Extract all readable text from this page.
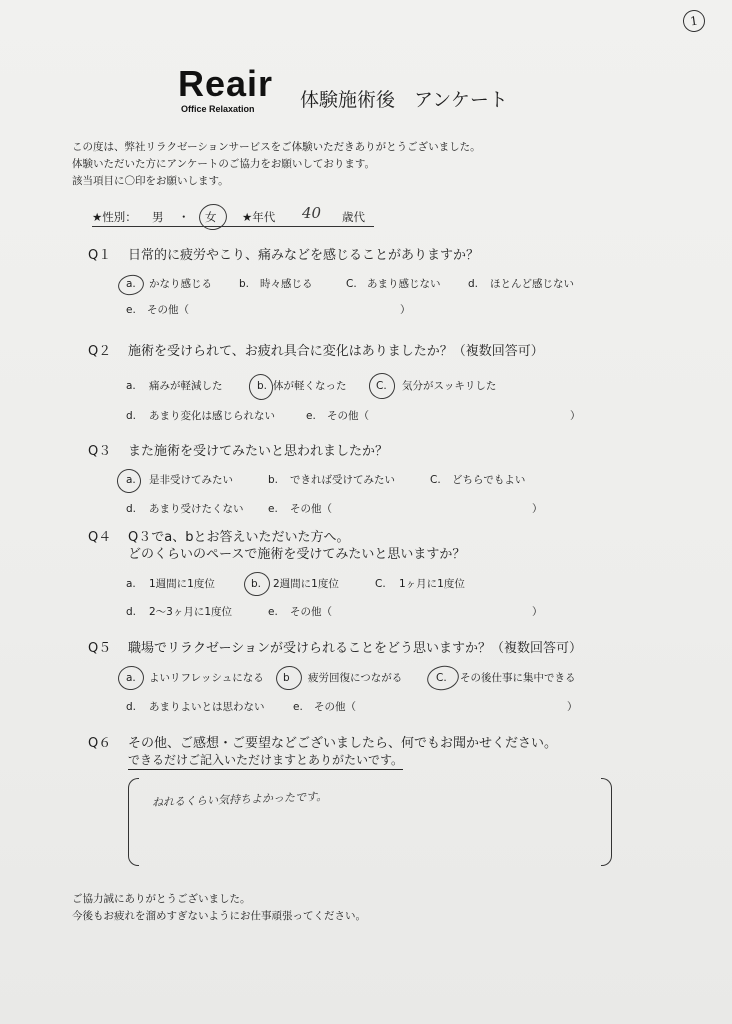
1
Reair
Office Relaxation 体験施術後　アンケート
この度は、弊社リラクゼーションサービスをご体験いただきありがとうございました。
体験いただいた方にアンケートのご協力をお願いしております。
該当項目に〇印をお願いします。
★性別： 男 ・ 女 ★年代 40 歳代
Q１ 日常的に疲労やこり、痛みなどを感じることがありますか？
a. かなり感じる	b. 時々感じる	C. あまり感じない	d. ほとんど感じない
e. その他（	）
Q２ 施術を受けられて、お疲れ具合に変化はありましたか？（複数回答可）
a. 痛みが軽減した	b. 体が軽くなった	C. 気分がスッキリした
d. あまり変化は感じられない	e. その他（	）
Q３ また施術を受けてみたいと思われましたか？
a. 是非受けてみたい	b. できれば受けてみたい	C. どちらでもよい
d. あまり受けたくない e. その他（	）
Q４ Q３でa、bとお答えいただいた方へ。
どのくらいのペースで施術を受けてみたいと思いますか？
a. 1週間に1度位	b. 2週間に1度位	C. 1ヶ月に1度位
d. 2〜3ヶ月に1度位	e. その他（	）
Q５ 職場でリラクゼーションが受けられることをどう思いますか？（複数回答可）
a. よいリフレッシュになる b 疲労回復につながる	C. その後仕事に集中できる
d. あまりよいとは思わない	e. その他（	）
Q６ その他、ご感想・ご要望などございましたら、何でもお聞かせください。
できるだけご記入いただけますとありがたいです。
ねれるくらい気持ちよかったです。
ご協力誠にありがとうございました。
今後もお疲れを溜めすぎないようにお仕事頑張ってください。
